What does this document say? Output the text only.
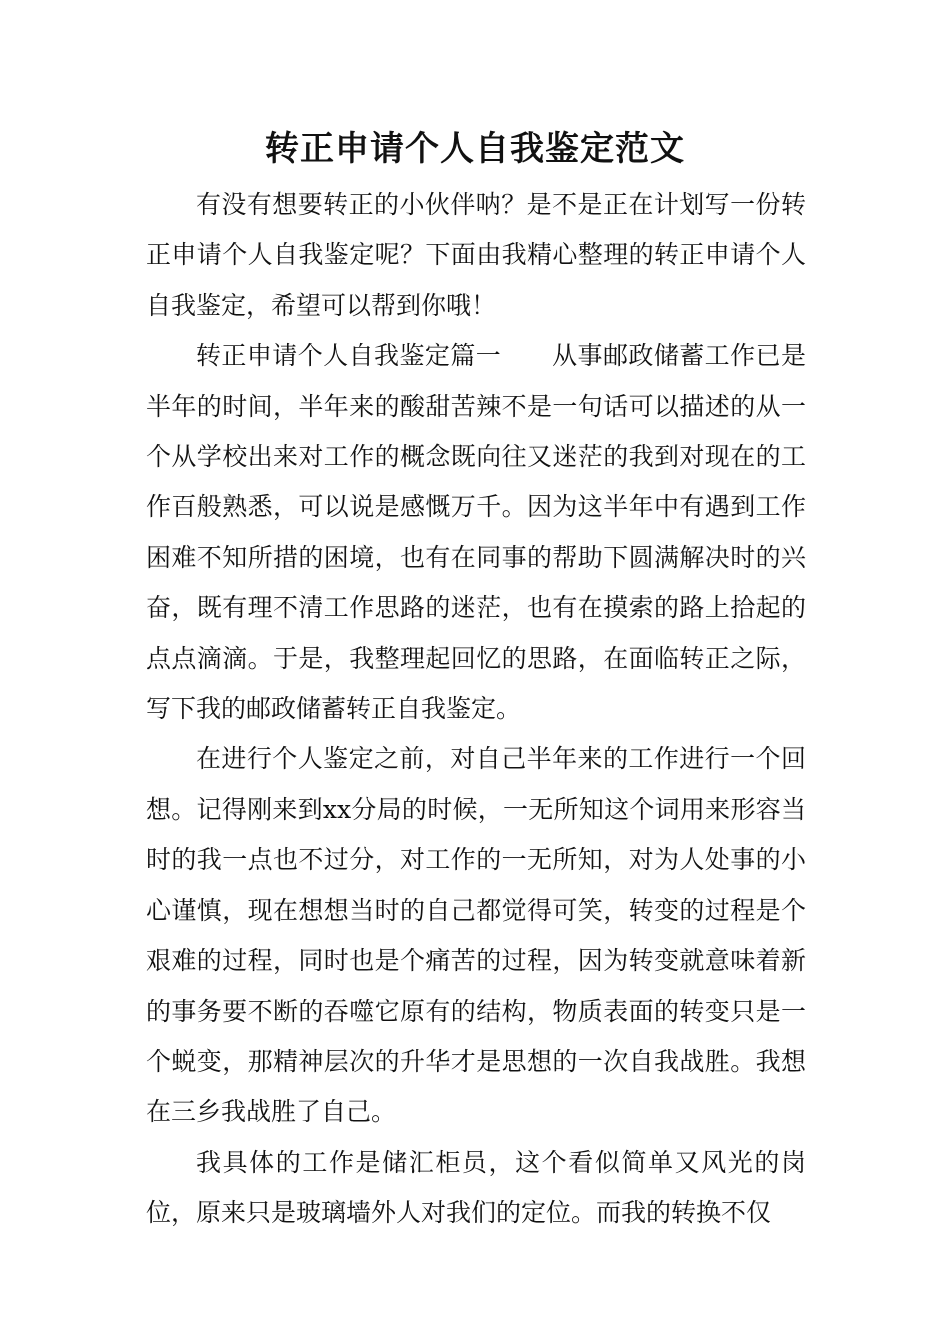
转正申请个人自我鉴定范文

有没有想要转正的小伙伴呐？是不是正在计划写一份转正申请个人自我鉴定呢？下面由我精心整理的转正申请个人自我鉴定，希望可以帮到你哦！

转正申请个人自我鉴定篇一　　从事邮政储蓄工作已是半年的时间，半年来的酸甜苦辣不是一句话可以描述的从一个从学校出来对工作的概念既向往又迷茫的我到对现在的工作百般熟悉，可以说是感慨万千。因为这半年中有遇到工作困难不知所措的困境，也有在同事的帮助下圆满解决时的兴奋，既有理不清工作思路的迷茫，也有在摸索的路上拾起的点点滴滴。于是，我整理起回忆的思路，在面临转正之际，写下我的邮政储蓄转正自我鉴定。

在进行个人鉴定之前，对自己半年来的工作进行一个回想。记得刚来到xx分局的时候，一无所知这个词用来形容当时的我一点也不过分，对工作的一无所知，对为人处事的小心谨慎，现在想想当时的自己都觉得可笑，转变的过程是个艰难的过程，同时也是个痛苦的过程，因为转变就意味着新的事务要不断的吞噬它原有的结构，物质表面的转变只是一个蜕变，那精神层次的升华才是思想的一次自我战胜。我想在三乡我战胜了自己。

我具体的工作是储汇柜员，这个看似简单又风光的岗位，原来只是玻璃墙外人对我们的定位。而我的转换不仅
